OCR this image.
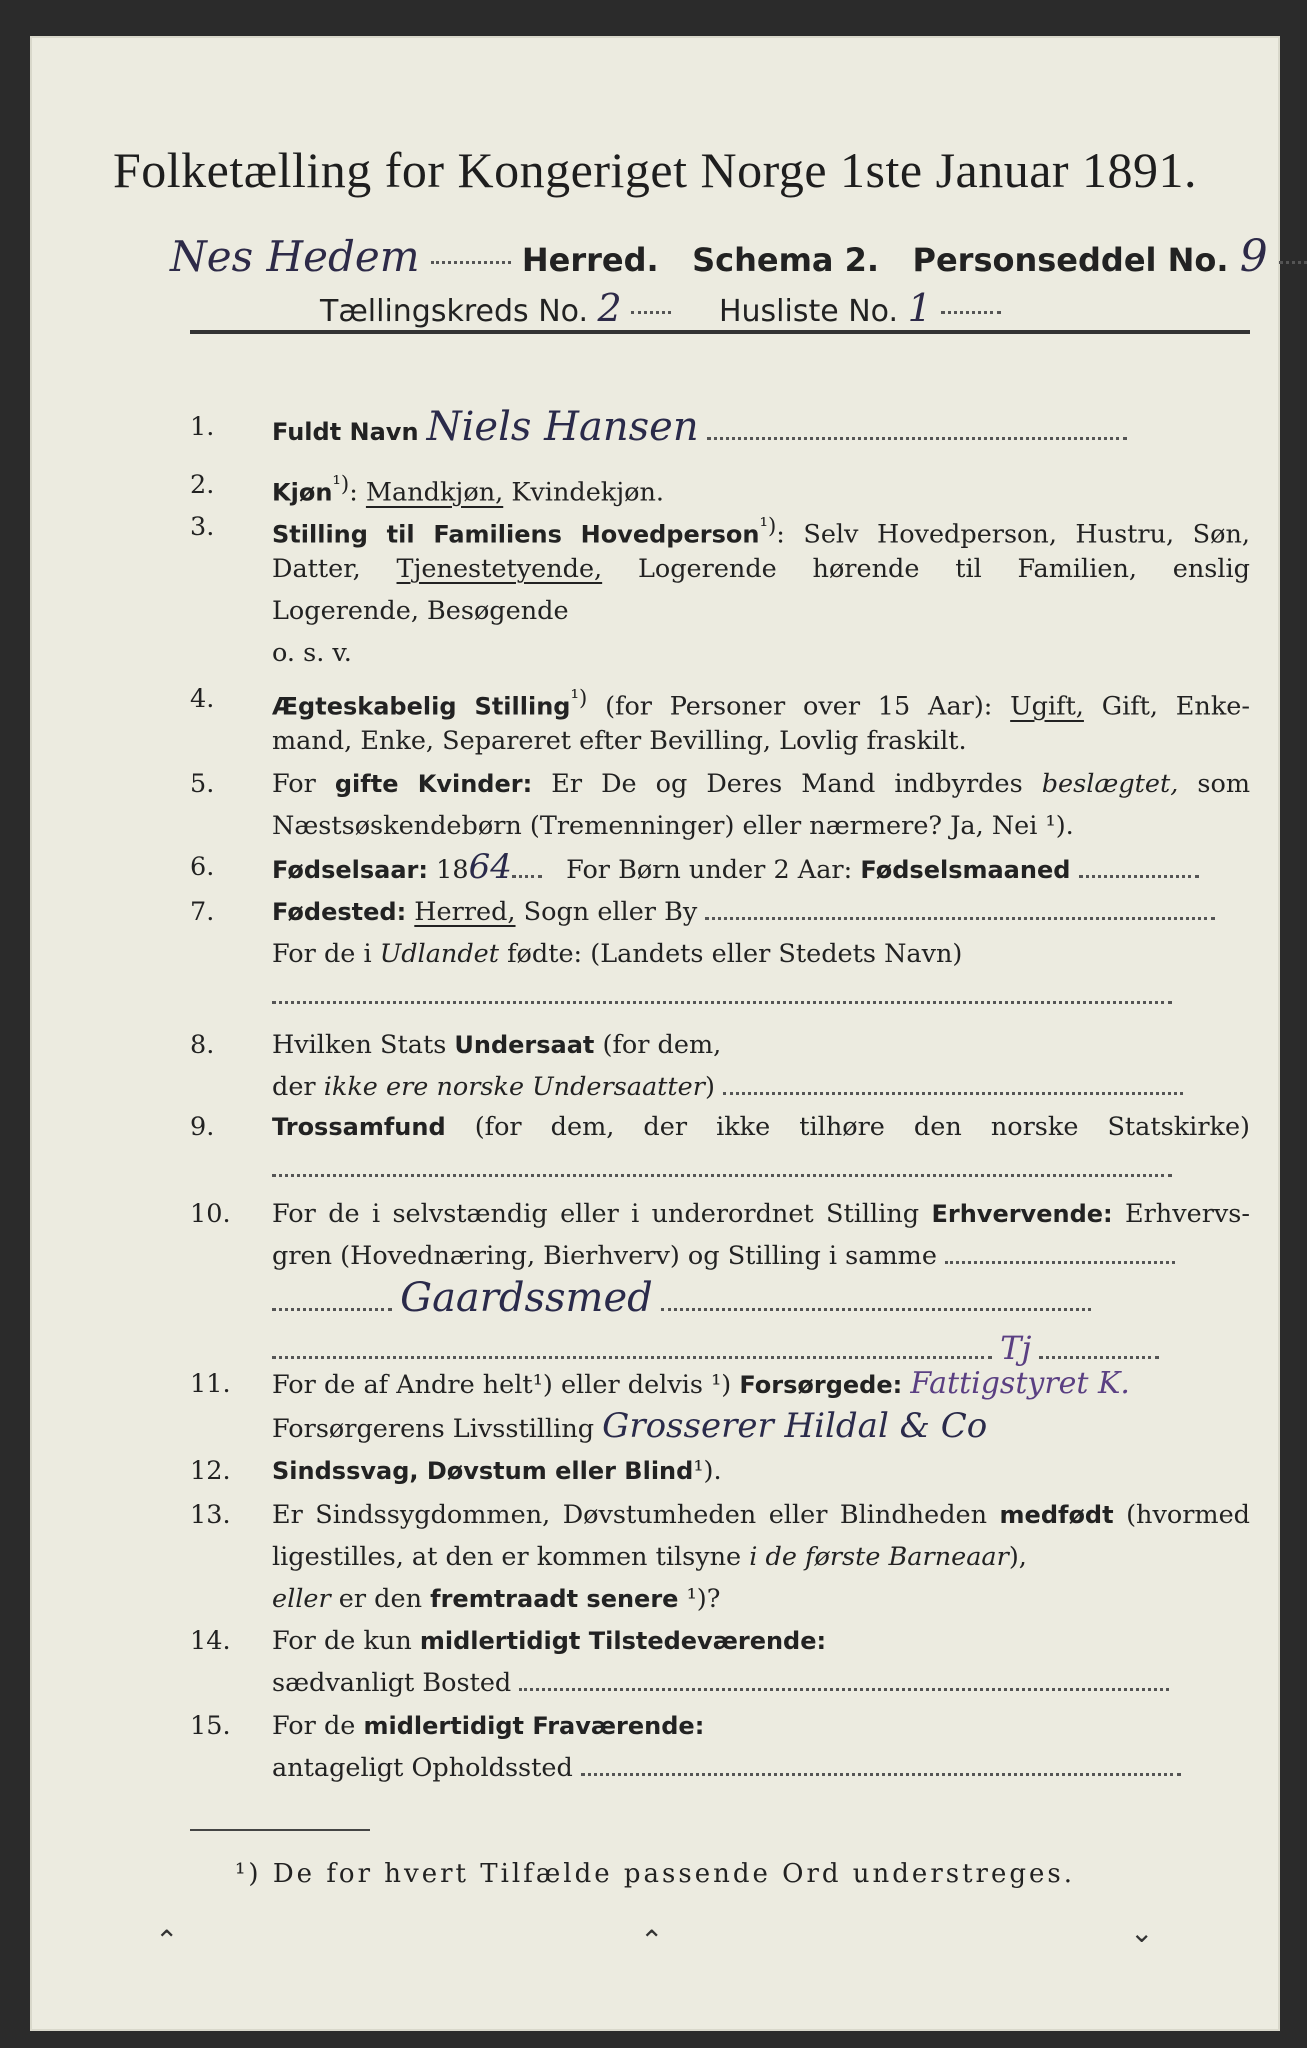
Folketælling for Kongeriget Norge 1ste Januar 1891.
Nes Hedem	Herred. Schema 2. Personseddel No. 9
Tællingskreds No. 2	Husliste No. 1
1.	Fuldt Navn Niels Hansen
2.	Kjøn$^{^1)}$: Mandkjøn, Kvindekjøn.
3.	Stilling til Familiens Hovedperson$^{^1)}$: Selv Hovedperson, Hustru, Søn,
Datter, Tjenestetyende, Logerende hørende til Familien, enslig
Logerende, Besøgende
o. s. v.
4.	Ægteskabelig Stilling$^{^1)}$ (for Personer over 15 Aar): Ugift, Gift, Enke-
mand, Enke, Separeret efter Bevilling, Lovlig fraskilt.
5.	For gifte Kvinder: Er De og Deres Mand indbyrdes beslægtet, som
Næstsøskendebørn (Tremenninger) eller nærmere? Ja, Nei ¹).
6.	Fødselsaar: 1864 For Børn under 2 Aar: Fødselsmaaned
7.	Fødested: Herred, Sogn eller By
For de i Udlandet fødte: (Landets eller Stedets Navn)
8.	Hvilken Stats Undersaat (for dem,
der ikke ere norske Undersaatter)
9.	Trossamfund (for dem, der ikke tilhøre den norske Statskirke)
10.	For de i selvstændig eller i underordnet Stilling Erhvervende: Erhvervs-
gren (Hovednæring, Bierhverv) og Stilling i samme
Gaardssmed
Tj
11.	For de af Andre helt¹) eller delvis ¹) Forsørgede: Fattigstyret K.
Forsørgerens Livsstilling Grosserer Hildal & Co
12.	Sindssvag, Døvstum eller Blind¹).
13.	Er Sindssygdommen, Døvstumheden eller Blindheden medfødt (hvormed
ligestilles, at den er kommen tilsyne i de første Barneaar),
eller er den fremtraadt senere ¹)?
14.	For de kun midlertidigt Tilstedeværende:
sædvanligt Bosted
15.	For de midlertidigt Fraværende:
antageligt Opholdssted
¹) De for hvert Tilfælde passende Ord understreges.
⌃	⌃	⌄
